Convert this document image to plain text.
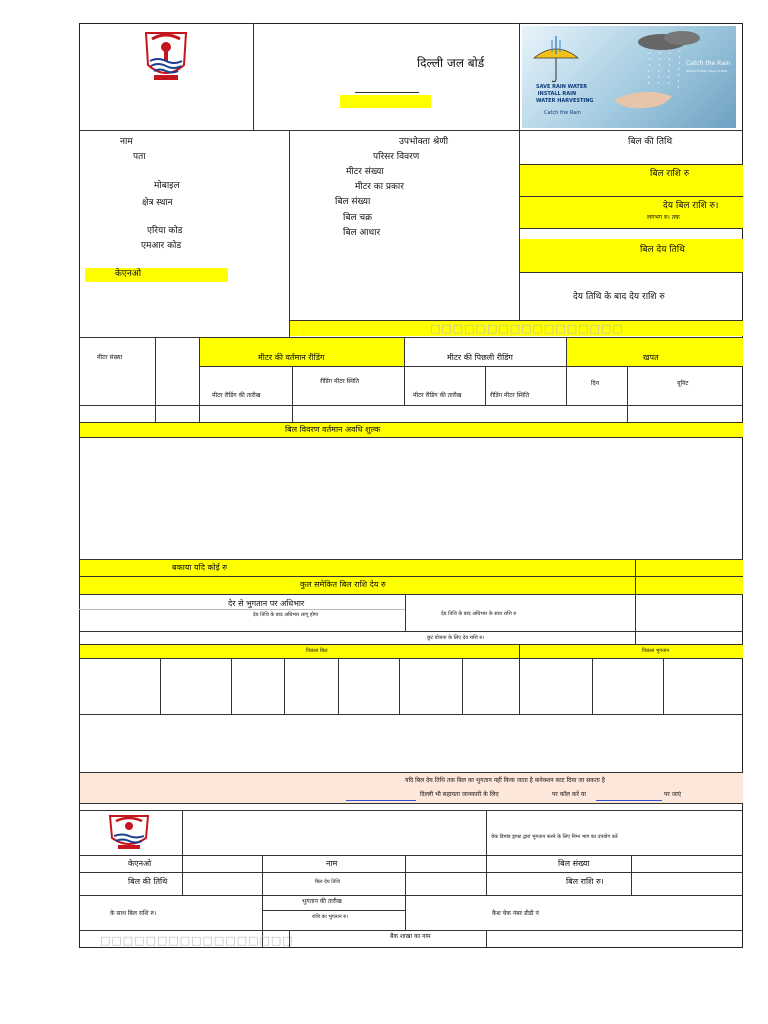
दिल्ली जल बोर्ड
SAVE RAIN WATER
INSTALL RAIN
WATER HARVESTING
Catch the Rain
Catch the Rain
Where it Falls, When it Falls
नाम
पता
मोबाइल
क्षेत्र स्थान
एरिया कोड
एमआर कोड
केएनओ
उपभोक्ता श्रेणी
परिसर विवरण
मीटर संख्या
मीटर का प्रकार
बिल संख्या
बिल चक्र
बिल आधार
बिल की तिथि
बिल राशि रु
देय बिल राशि रु।
लगभग रु। तक
बिल देय तिथि
देय तिथि के बाद देय राशि रु
□□□□□□□□□□□□□□□□□
मीटर संख्या	मीटर की वर्तमान रीडिंग	मीटर की पिछली रीडिंग	खपत
मीटर रीडिंग की तारीख
रीडिंग मीटर स्थिति
मीटर रीडिंग की तारीख	रीडिंग मीटर स्थिति
दिन	यूनिट
बिल विवरण वर्तमान अवधि शुल्क
बकाया यदि कोई रु
कुल समेकित बिल राशि देय रु
देर से भुगतान पर अधिभार
देय तिथि के बाद अधिभार लागू होगा	देय तिथि के बाद अधिभार के साथ राशि रु
छूट योजना के लिए देय राशि रु।
पिछला बिल	पिछला भुगतान
यदि बिल देय तिथि तक बिल का भुगतान नहीं किया जाता है कनेक्शन काट दिया जा सकता है
दिल्ली भी सहायता जानकारी के लिए	पर कॉल करें या	पर जाएं
चेक डिमांड ड्राफ्ट द्वारा भुगतान करने के लिए निम्न भाग का उपयोग करें
केएनओ	नाम	बिल संख्या
बिल की तिथि	बिल देय तिथि	बिल राशि रु।
भुगतान की तारीख
राशि का भुगतान रु।
के साथ बिल राशि रु।	कैश चेक नंबर डीडी नं
□□□□□□□□□□□□□□□□□	बैंक शाखा का नाम
